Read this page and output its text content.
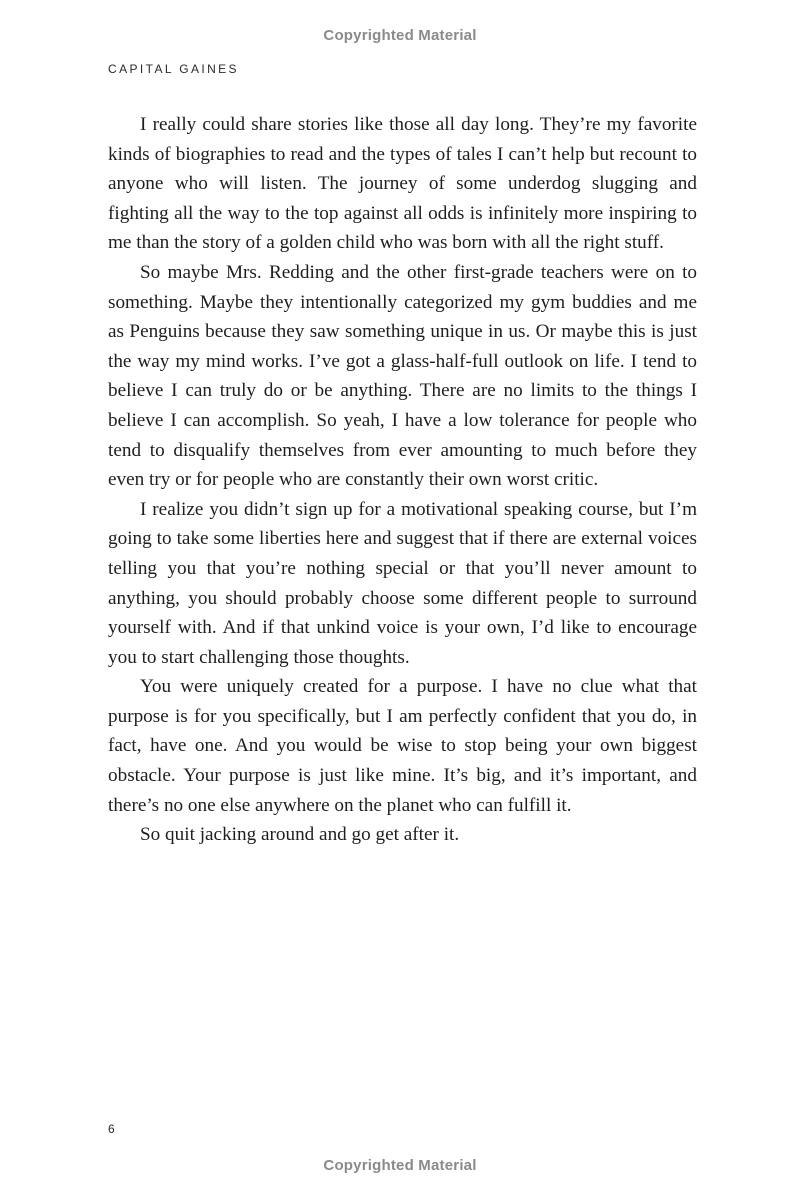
Copyrighted Material
CAPITAL GAINES

I really could share stories like those all day long. They’re my favorite kinds of biographies to read and the types of tales I can’t help but recount to anyone who will listen. The journey of some underdog slugging and fighting all the way to the top against all odds is infinitely more inspiring to me than the story of a golden child who was born with all the right stuff.

So maybe Mrs. Redding and the other first-grade teachers were on to something. Maybe they intentionally categorized my gym buddies and me as Penguins because they saw something unique in us. Or maybe this is just the way my mind works. I’ve got a glass-half-full outlook on life. I tend to believe I can truly do or be anything. There are no limits to the things I believe I can accomplish. So yeah, I have a low tolerance for people who tend to disqualify themselves from ever amounting to much before they even try or for people who are constantly their own worst critic.

I realize you didn’t sign up for a motivational speaking course, but I’m going to take some liberties here and suggest that if there are external voices telling you that you’re nothing special or that you’ll never amount to anything, you should probably choose some different people to surround yourself with. And if that unkind voice is your own, I’d like to encourage you to start challenging those thoughts.

You were uniquely created for a purpose. I have no clue what that purpose is for you specifically, but I am perfectly confident that you do, in fact, have one. And you would be wise to stop being your own biggest obstacle. Your purpose is just like mine. It’s big, and it’s important, and there’s no one else anywhere on the planet who can fulfill it.

So quit jacking around and go get after it.

6
Copyrighted Material
